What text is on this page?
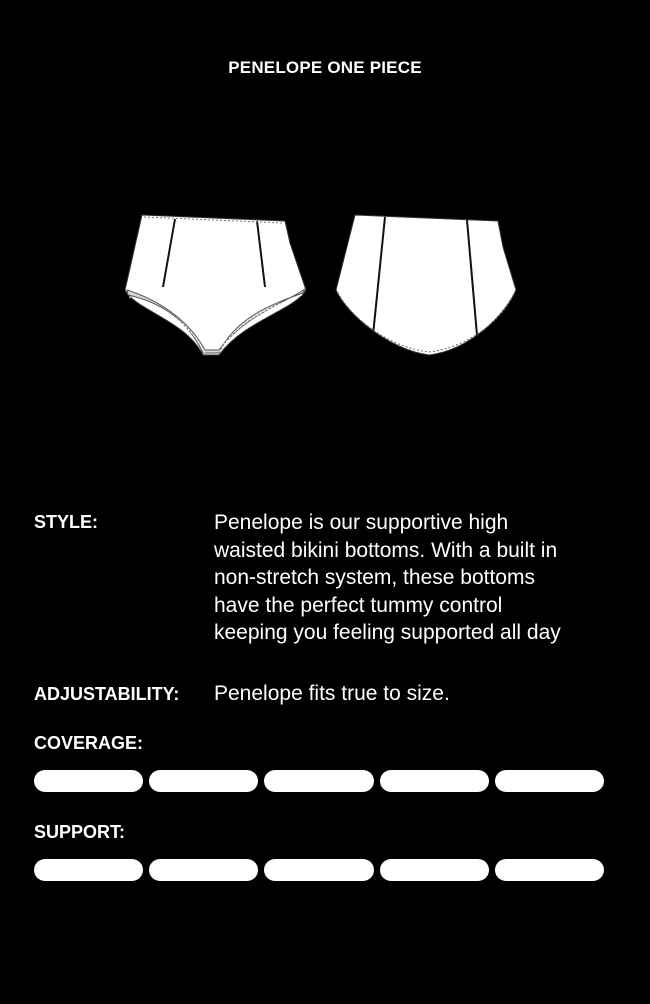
PENELOPE ONE PIECE
STYLE:	Penelope is our supportive high
waisted bikini bottoms. With a built in
non-stretch system, these bottoms
have the perfect tummy control
keeping you feeling supported all day
ADJUSTABILITY: Penelope fits true to size.
COVERAGE:
SUPPORT:
